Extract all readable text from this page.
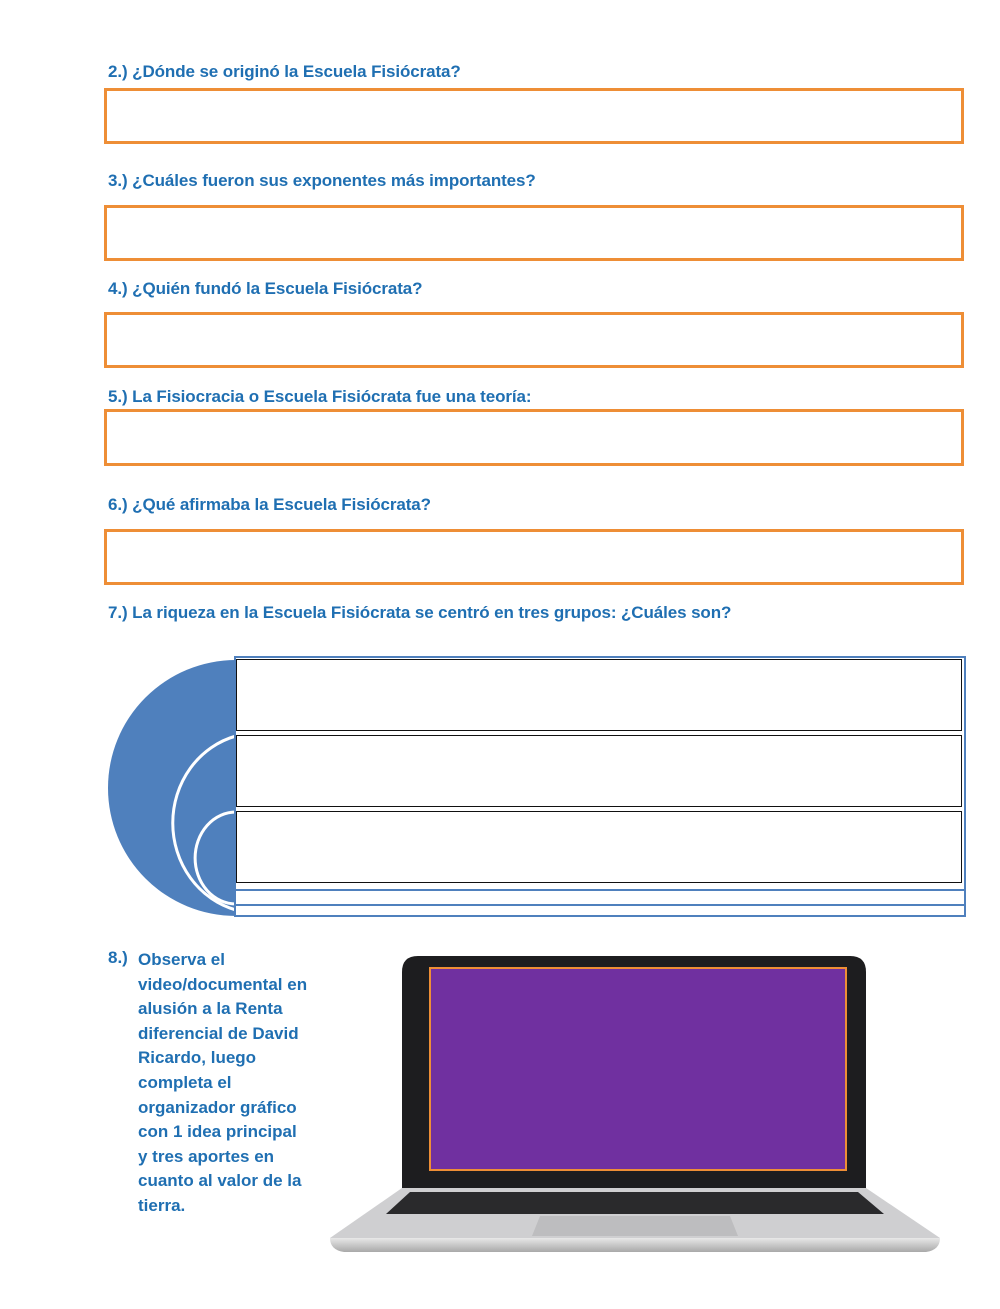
2.) ¿Dónde se originó la Escuela Fisiócrata?
3.) ¿Cuáles fueron sus exponentes más importantes?
4.) ¿Quién fundó la Escuela Fisiócrata?
5.) La Fisiocracia o Escuela Fisiócrata fue una teoría:
6.) ¿Qué afirmaba la Escuela Fisiócrata?
7.) La riqueza en la Escuela Fisiócrata se centró en tres grupos: ¿Cuáles son?
8.) Observa el video/documental en alusión a la Renta diferencial de David Ricardo, luego completa el organizador gráfico con 1 idea principal y tres aportes en cuanto al valor de la tierra.
